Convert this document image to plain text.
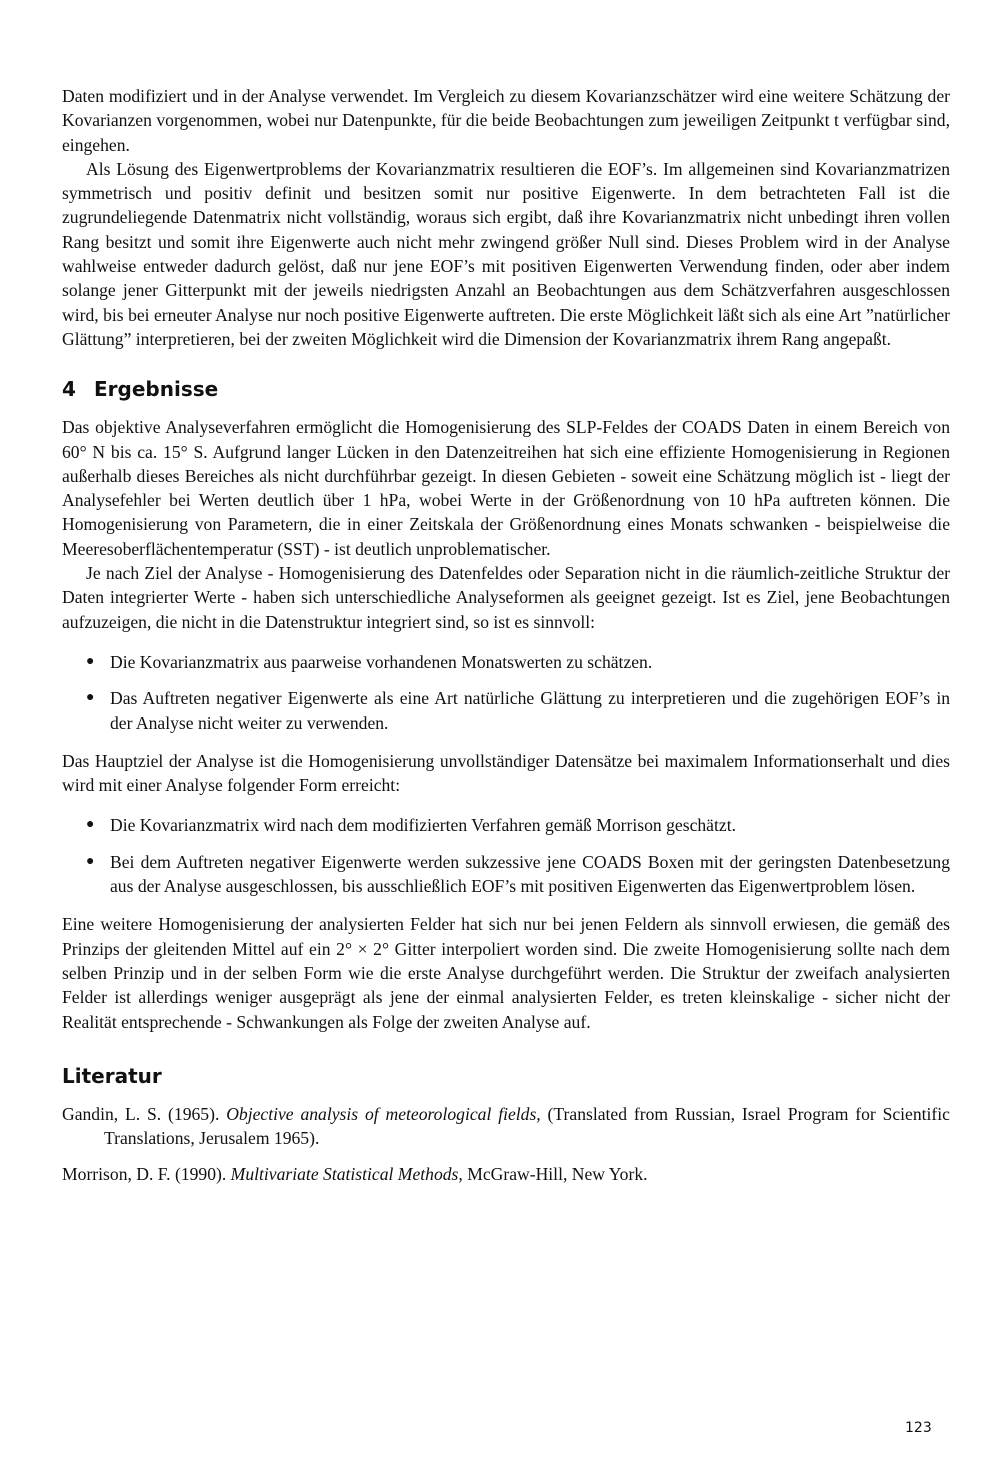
Daten modifiziert und in der Analyse verwendet. Im Vergleich zu diesem Kovarianzschätzer wird eine weitere Schätzung der Kovarianzen vorgenommen, wobei nur Datenpunkte, für die beide Beobachtungen zum jeweiligen Zeitpunkt t verfügbar sind, eingehen.

Als Lösung des Eigenwertproblems der Kovarianzmatrix resultieren die EOF’s. Im allgemeinen sind Kovarianzmatrizen symmetrisch und positiv definit und besitzen somit nur positive Eigenwerte. In dem betrachteten Fall ist die zugrundeliegende Datenmatrix nicht vollständig, woraus sich ergibt, daß ihre Kovarianzmatrix nicht unbedingt ihren vollen Rang besitzt und somit ihre Eigenwerte auch nicht mehr zwingend größer Null sind. Dieses Problem wird in der Analyse wahlweise entweder dadurch gelöst, daß nur jene EOF’s mit positiven Eigenwerten Verwendung finden, oder aber indem solange jener Gitterpunkt mit der jeweils niedrigsten Anzahl an Beobachtungen aus dem Schätzverfahren ausgeschlossen wird, bis bei erneuter Analyse nur noch positive Eigenwerte auftreten. Die erste Möglichkeit läßt sich als eine Art ”natürlicher Glättung” interpretieren, bei der zweiten Möglichkeit wird die Dimension der Kovarianzmatrix ihrem Rang angepaßt.

4 Ergebnisse

Das objektive Analyseverfahren ermöglicht die Homogenisierung des SLP-Feldes der COADS Daten in einem Bereich von 60° N bis ca. 15° S. Aufgrund langer Lücken in den Datenzeitreihen hat sich eine effiziente Homogenisierung in Regionen außerhalb dieses Bereiches als nicht durchführbar gezeigt. In diesen Gebieten - soweit eine Schätzung möglich ist - liegt der Analysefehler bei Werten deutlich über 1 hPa, wobei Werte in der Größenordnung von 10 hPa auftreten können. Die Homogenisierung von Parametern, die in einer Zeitskala der Größenordnung eines Monats schwanken - beispielweise die Meeresoberflächentemperatur (SST) - ist deutlich unproblematischer.

Je nach Ziel der Analyse - Homogenisierung des Datenfeldes oder Separation nicht in die räumlich-zeitliche Struktur der Daten integrierter Werte - haben sich unterschiedliche Analyseformen als geeignet gezeigt. Ist es Ziel, jene Beobachtungen aufzuzeigen, die nicht in die Datenstruktur integriert sind, so ist es sinnvoll:

● Die Kovarianzmatrix aus paarweise vorhandenen Monatswerten zu schätzen.
● Das Auftreten negativer Eigenwerte als eine Art natürliche Glättung zu interpretieren und die zugehörigen EOF’s in der Analyse nicht weiter zu verwenden.

Das Hauptziel der Analyse ist die Homogenisierung unvollständiger Datensätze bei maximalem Informationserhalt und dies wird mit einer Analyse folgender Form erreicht:

● Die Kovarianzmatrix wird nach dem modifizierten Verfahren gemäß Morrison geschätzt.
● Bei dem Auftreten negativer Eigenwerte werden sukzessive jene COADS Boxen mit der geringsten Datenbesetzung aus der Analyse ausgeschlossen, bis ausschließlich EOF’s mit positiven Eigenwerten das Eigenwertproblem lösen.

Eine weitere Homogenisierung der analysierten Felder hat sich nur bei jenen Feldern als sinnvoll erwiesen, die gemäß des Prinzips der gleitenden Mittel auf ein 2° × 2° Gitter interpoliert worden sind. Die zweite Homogenisierung sollte nach dem selben Prinzip und in der selben Form wie die erste Analyse durchgeführt werden. Die Struktur der zweifach analysierten Felder ist allerdings weniger ausgeprägt als jene der einmal analysierten Felder, es treten kleinskalige - sicher nicht der Realität entsprechende - Schwankungen als Folge der zweiten Analyse auf.

Literatur

Gandin, L. S. (1965). Objective analysis of meteorological fields, (Translated from Russian, Israel Program for Scientific Translations, Jerusalem 1965).

Morrison, D. F. (1990). Multivariate Statistical Methods, McGraw-Hill, New York.

123
